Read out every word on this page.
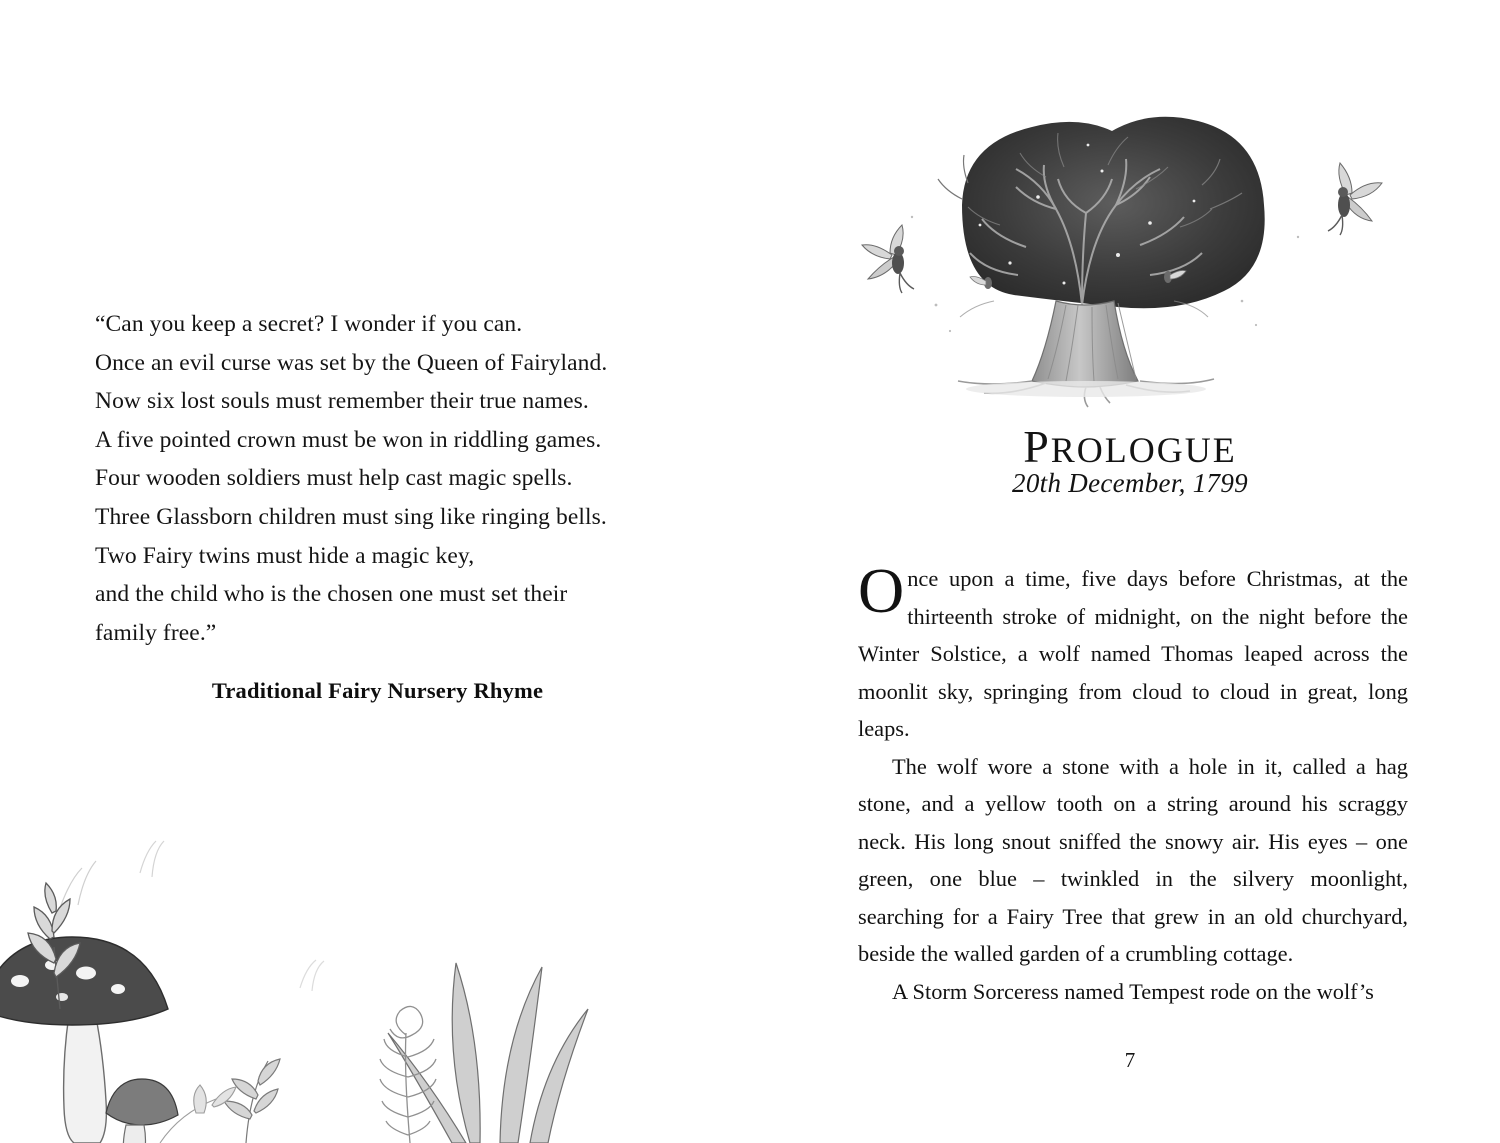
“Can you keep a secret? I wonder if you can.
Once an evil curse was set by the Queen of Fairyland.
Now six lost souls must remember their true names.
A five pointed crown must be won in riddling games.
Four wooden soldiers must help cast magic spells.
Three Glassborn children must sing like ringing bells.
Two Fairy twins must hide a magic key,
and the child who is the chosen one must set their
family free.”
Traditional Fairy Nursery Rhyme
PROLOGUE
20th December, 1799

Once upon a time, five days before Christmas, at the thirteenth stroke of midnight, on the night before the Winter Solstice, a wolf named Thomas leaped across the moonlit sky, springing from cloud to cloud in great, long leaps.

The wolf wore a stone with a hole in it, called a hag stone, and a yellow tooth on a string around his scraggy neck. His long snout sniffed the snowy air. His eyes – one green, one blue – twinkled in the silvery moonlight, searching for a Fairy Tree that grew in an old churchyard, beside the walled garden of a crumbling cottage.

A Storm Sorceress named Tempest rode on the wolf’s

7
